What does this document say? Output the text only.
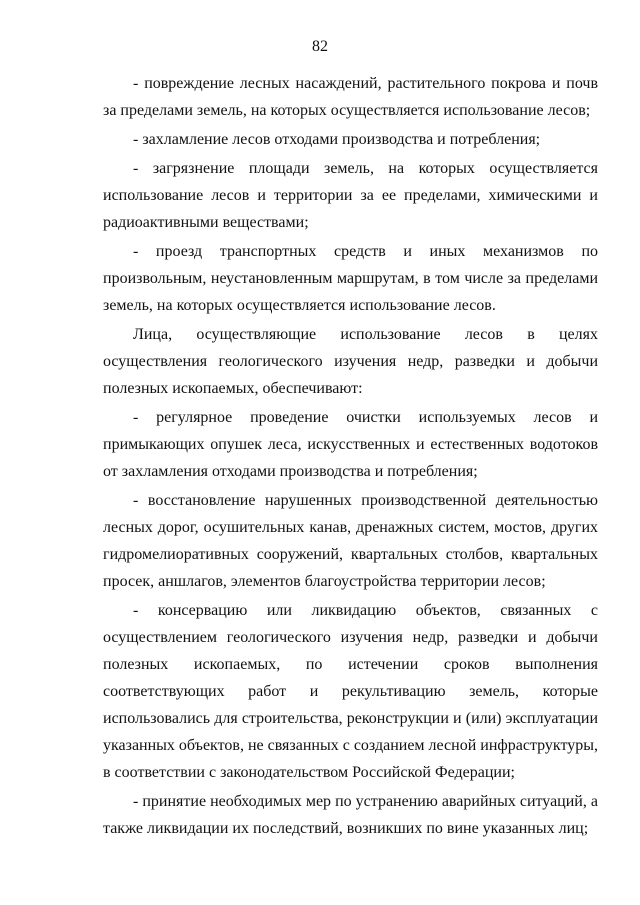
82

- повреждение лесных насаждений, растительного покрова и почв за пределами земель, на которых осуществляется использование лесов;

- захламление лесов отходами производства и потребления;

- загрязнение площади земель, на которых осуществляется использование лесов и территории за ее пределами, химическими и радиоактивными веществами;

- проезд транспортных средств и иных механизмов по произвольным, неустановленным маршрутам, в том числе за пределами земель, на которых осуществляется использование лесов.

Лица, осуществляющие использование лесов в целях осуществления геологического изучения недр, разведки и добычи полезных ископаемых, обеспечивают:

- регулярное проведение очистки используемых лесов и примыкающих опушек леса, искусственных и естественных водотоков от захламления отходами производства и потребления;

- восстановление нарушенных производственной деятельностью лесных дорог, осушительных канав, дренажных систем, мостов, других гидромелиоративных сооружений, квартальных столбов, квартальных просек, аншлагов, элементов благоустройства территории лесов;

- консервацию или ликвидацию объектов, связанных с осуществлением геологического изучения недр, разведки и добычи полезных ископаемых, по истечении сроков выполнения соответствующих работ и рекультивацию земель, которые использовались для строительства, реконструкции и (или) эксплуатации указанных объектов, не связанных с созданием лесной инфраструктуры, в соответствии с законодательством Российской Федерации;

- принятие необходимых мер по устранению аварийных ситуаций, а также ликвидации их последствий, возникших по вине указанных лиц;
